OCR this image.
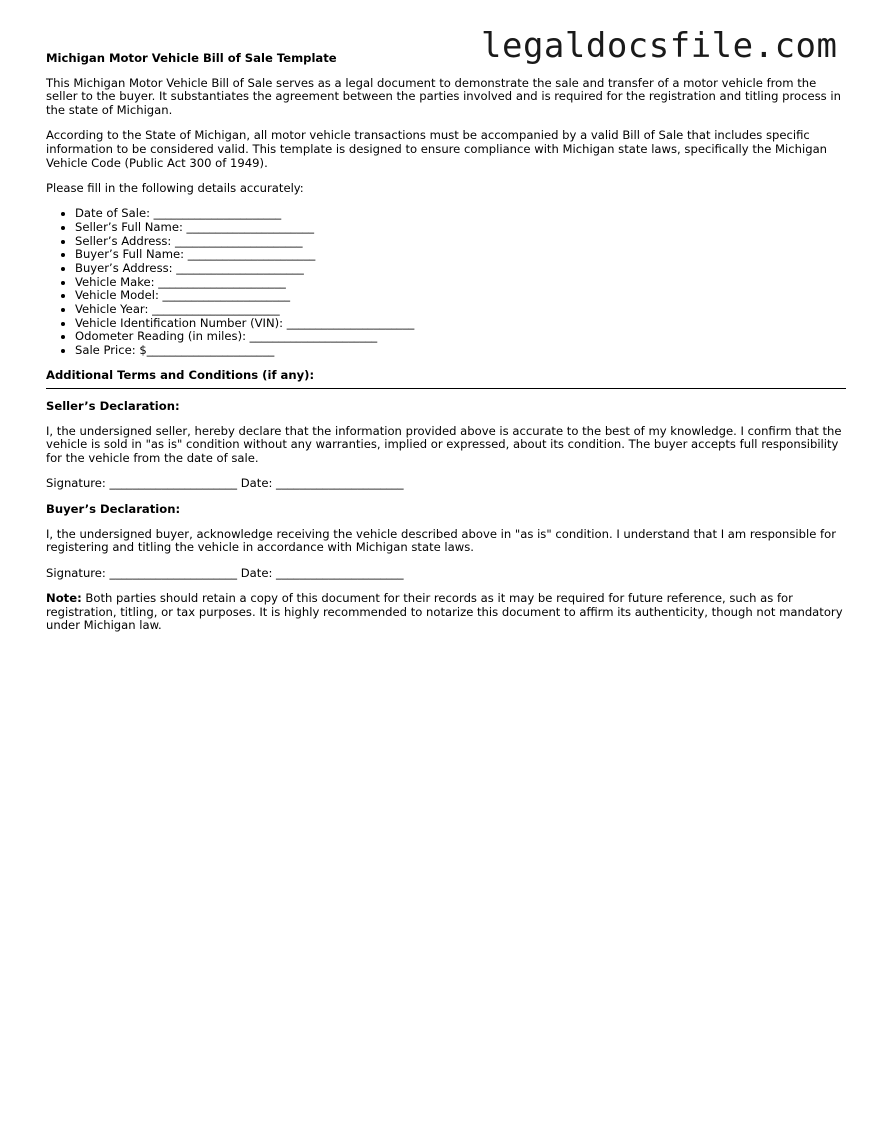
legaldocsfile.com
Michigan Motor Vehicle Bill of Sale Template

This Michigan Motor Vehicle Bill of Sale serves as a legal document to demonstrate the sale and transfer of a motor vehicle from the seller to the buyer. It substantiates the agreement between the parties involved and is required for the registration and titling process in the state of Michigan.

According to the State of Michigan, all motor vehicle transactions must be accompanied by a valid Bill of Sale that includes specific information to be considered valid. This template is designed to ensure compliance with Michigan state laws, specifically the Michigan Vehicle Code (Public Act 300 of 1949).

Please fill in the following details accurately:

• Date of Sale: ______________________
• Seller’s Full Name: ______________________
• Seller’s Address: ______________________
• Buyer’s Full Name: ______________________
• Buyer’s Address: ______________________
• Vehicle Make: ______________________
• Vehicle Model: ______________________
• Vehicle Year: ______________________
• Vehicle Identification Number (VIN): ______________________
• Odometer Reading (in miles): ______________________
• Sale Price: $______________________
Additional Terms and Conditions (if any):
Seller’s Declaration:

I, the undersigned seller, hereby declare that the information provided above is accurate to the best of my knowledge. I confirm that the vehicle is sold in "as is" condition without any warranties, implied or expressed, about its condition. The buyer accepts full responsibility for the vehicle from the date of sale.

Signature: ______________________ Date: ______________________

Buyer’s Declaration:

I, the undersigned buyer, acknowledge receiving the vehicle described above in "as is" condition. I understand that I am responsible for registering and titling the vehicle in accordance with Michigan state laws.

Signature: ______________________ Date: ______________________

Note: Both parties should retain a copy of this document for their records as it may be required for future reference, such as for registration, titling, or tax purposes. It is highly recommended to notarize this document to affirm its authenticity, though not mandatory under Michigan law.
